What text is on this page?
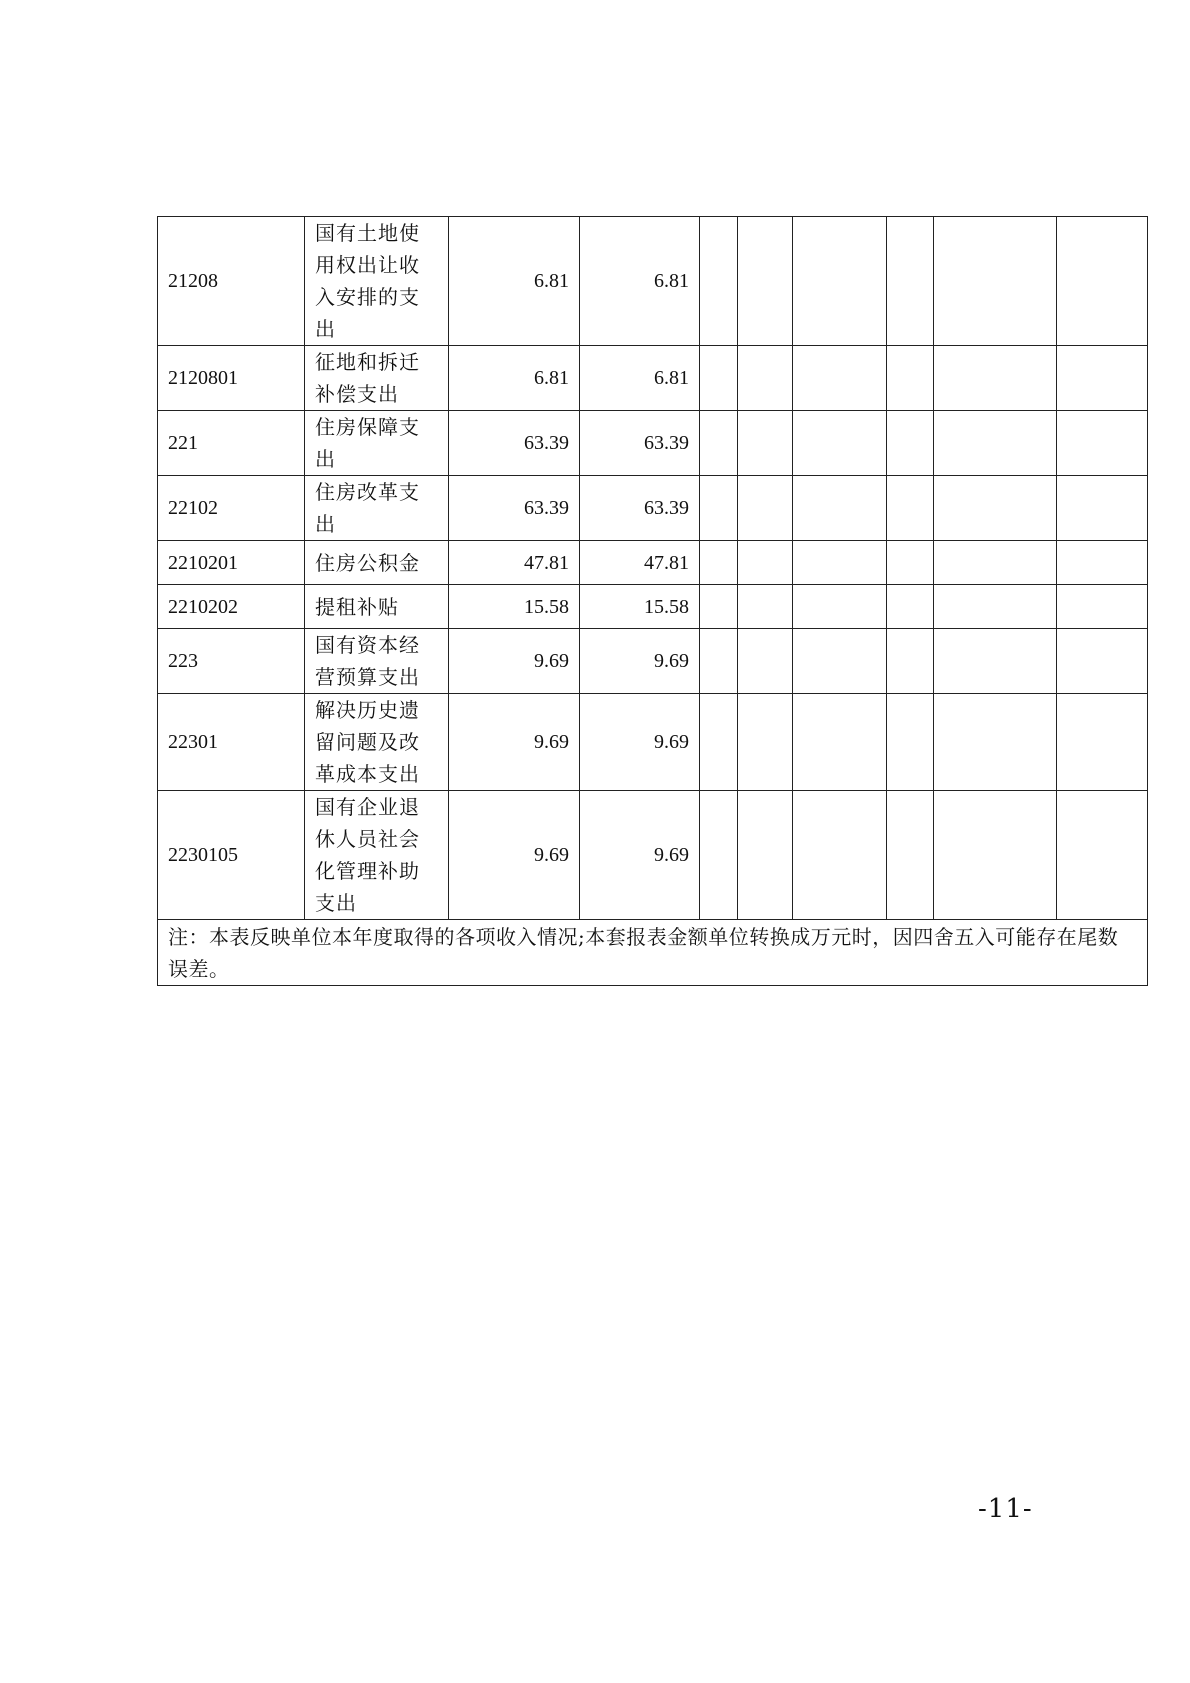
21208	国有土地使用权出让收入安排的支出	6.81	6.81						
2120801	征地和拆迁补偿支出	6.81	6.81						
221	住房保障支出	63.39	63.39						
22102	住房改革支出	63.39	63.39						
2210201	住房公积金	47.81	47.81						
2210202	提租补贴	15.58	15.58						
223	国有资本经营预算支出	9.69	9.69						
22301	解决历史遗留问题及改革成本支出	9.69	9.69						
2230105	国有企业退休人员社会化管理补助支出	9.69	9.69						
注：本表反映单位本年度取得的各项收入情况;本套报表金额单位转换成万元时，因四舍五入可能存在尾数误差。									
-11-
